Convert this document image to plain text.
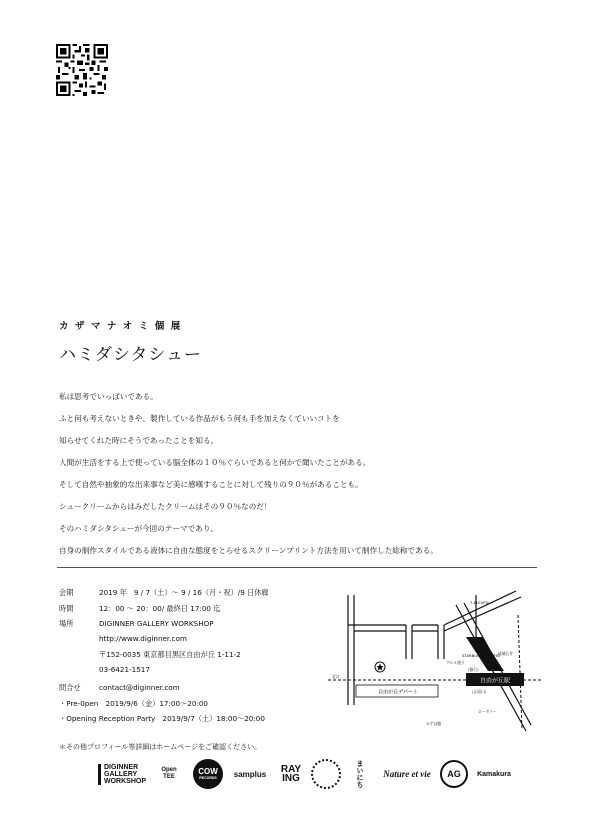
カザマナオミ個展
ハミダシタシュー
私は思考でいっぱいである。
ふと何も考えないときや、製作している作品がもう何も手を加えなくていいコトを
知らせてくれた時にそうであったことを知る。
人間が生活をする上で使っている脳全体の１０％ぐらいであると何かで聞いたことがある。
そして自然や抽象的な出来事など美に感嘆することに対して残りの９０％があることも。
シュークリームからはみだしたクリームはその９０％なのだ！
そのハミダシタシューが今回のテーマであり、
自身の制作スタイルである液体に自由な態度をとらせるスクリーンプリント方法を用いて制作した総称である。
会期	2019 年　9 / 7（土）～ 9 / 16（月・祝）/9 日休廊
時間	12：00 ～ 20：00/ 最終日 17:00 迄
場所	DIGINNER GALLERY WORKSHOP
http://www.diginner.com
〒152-0035 東京都目黒区自由が丘 1-11-2
03-6421-1517
問合せ	contact@diginner.com
・Pre-0pen　2019/9/6（金）17:00～20:00
・Opening Reception Party　2019/9/7（土）18:00～20:00
＊その他プロフィール等詳細はホームページをご確認ください。
自由が丘駅
自由が丘デパート
7-ELEVEN
STARBUCKS COFFEE
グルメ通り
みずほ銀
成城石井
ロータリー
北口
(銀行)
(正面口)
DIGINNER
GALLERY
WORKSHOP
Open
TEE
COW
RECORDS samplus RAY
ING	まいにち Nature et vie	AG	Kamakura
